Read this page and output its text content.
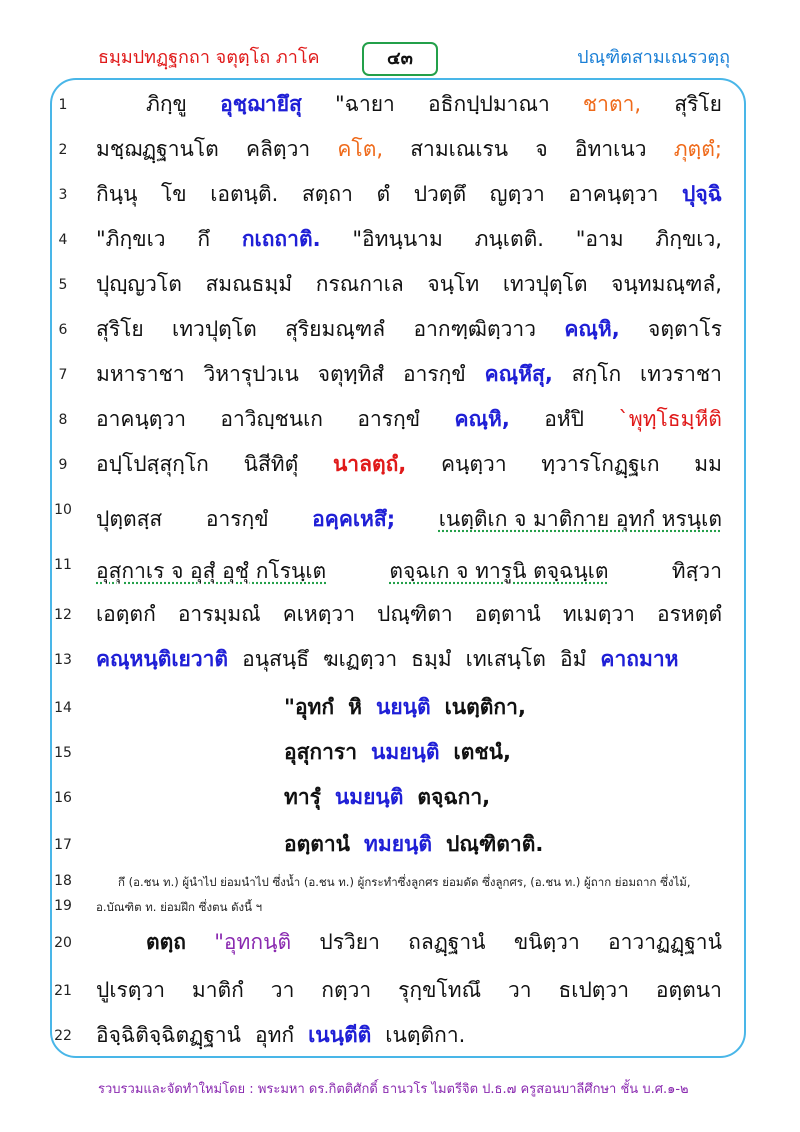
ธมฺมปทฏฺฐกถา จตุตฺโถ ภาโค	๔๓	ปณฺฑิตสามเณรวตฺถุ
1
2
3
4
5
6
7
8
9
10
11
12
13
14
15
16
17
18
19
20
21
22
ภิกฺขู อุชฺฌายึสุ "ฉายา อธิกปฺปมาณา ชาตา, สุริโย
มชฺฌฏฺฐานโต คลิตฺวา คโต, สามเณเรน จ อิทาเนว ภุตฺตํ;
กินฺนุ โข เอตนฺติ. สตฺถา ตํ ปวตฺตึ ญตฺวา อาคนฺตฺวา ปุจฺฉิ
"ภิกฺขเว กึ กเถถาติ. "อิทนฺนาม ภนฺเตติ. "อาม ภิกฺขเว,
ปุญฺญวโต สมณธมฺมํ กรณกาเล จนฺโท เทวปุตฺโต จนฺทมณฺฑลํ,
สุริโย เทวปุตฺโต สุริยมณฺฑลํ อากฑฺฒิตฺวาว คณฺหิ, จตฺตาโร
มหาราชา วิหารุปวเน จตุทฺทิสํ อารกฺขํ คณฺหึสุ, สกฺโก เทวราชา
อาคนฺตฺวา อาวิญฺชนเก อารกฺขํ คณฺหิ, อหํปิ `พุทฺโธมฺหีติ
อปฺโปสฺสุกฺโก นิสีทิตุํ นาลตฺถํ, คนฺตฺวา ทฺวารโกฏฺฐเก มม
ปุตฺตสฺส อารกฺขํ อคฺคเหสึ; เนตฺติเก จ มาติกาย อุทกํ หรนฺเต
อุสุกาเร จ อุสุํ อุชุํ กโรนฺเต	ตจฺฉเก จ ทารูนิ ตจฺฉนฺเต	ทิสฺวา
เอตฺตกํ อารมฺมณํ คเหตฺวา ปณฺฑิตา อตฺตานํ ทเมตฺวา อรหตฺตํ
คณฺหนฺติเยวาติ อนุสนฺธึ ฆเฏตฺวา ธมฺมํ เทเสนฺโต อิมํ คาถมาห
"อุทกํ หิ นยนฺติ เนตฺติกา,
อุสุการา นมยนฺติ เตชนํ,
ทารุํ นมยนฺติ ตจฺฉกา,
อตฺตานํ ทมยนฺติ ปณฺฑิตาติ.
กึ (อ.ชน ท.) ผู้นำไป ย่อมนำไป ซึ่งน้ำ (อ.ชน ท.) ผู้กระทำซึ่งลูกศร ย่อมดัด ซึ่งลูกศร, (อ.ชน ท.) ผู้ถาก ย่อมถาก ซึ่งไม้,
อ.บัณฑิต ท. ย่อมฝึก ซึ่งตน ดังนี้ ฯ
ตตฺถ "อุทกนฺติ ปรวิยา ถลฏฺฐานํ ขนิตฺวา อาวาฏฏฺฐานํ
ปูเรตฺวา มาติกํ วา กตฺวา รุกฺขโทณึ วา ธเปตฺวา อตฺตนา
อิจฺฉิติจฺฉิตฏฺฐานํ อุทกํ เนนฺตีติ เนตฺติกา.
รวบรวมและจัดทำใหม่โดย : พระมหา ดร.กิตติศักดิ์ ธานวโร ไมตรีจิต ป.ธ.๗ ครูสอนบาลีศึกษา ชั้น บ.ศ.๑-๒
